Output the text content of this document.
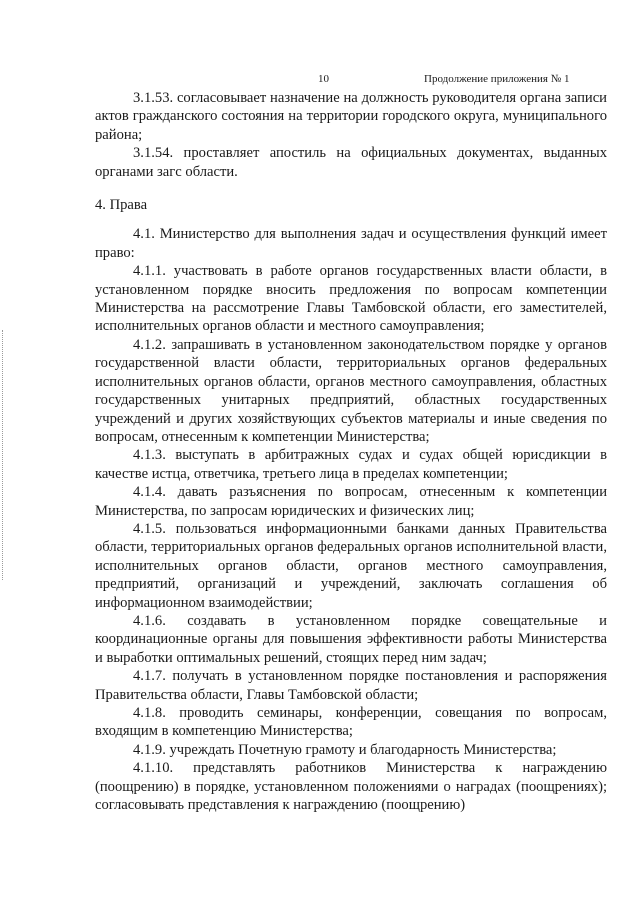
10	Продолжение приложения № 1

3.1.53. согласовывает назначение на должность руководителя органа записи актов гражданского состояния на территории городского округа, муниципального района;

3.1.54. проставляет апостиль на официальных документах, выданных органами загс области.

4. Права

4.1. Министерство для выполнения задач и осуществления функций имеет право:

4.1.1. участвовать в работе органов государственных власти области, в установленном порядке вносить предложения по вопросам компетенции Министерства на рассмотрение Главы Тамбовской области, его заместителей, исполнительных органов области и местного самоуправления;

4.1.2. запрашивать в установленном законодательством порядке у органов государственной власти области, территориальных органов федеральных исполнительных органов области, органов местного самоуправления, областных государственных унитарных предприятий, областных государственных учреждений и других хозяйствующих субъектов материалы и иные сведения по вопросам, отнесенным к компетенции Министерства;

4.1.3. выступать в арбитражных судах и судах общей юрисдикции в качестве истца, ответчика, третьего лица в пределах компетенции;

4.1.4. давать разъяснения по вопросам, отнесенным к компетенции Министерства, по запросам юридических и физических лиц;

4.1.5. пользоваться информационными банками данных Правительства области, территориальных органов федеральных органов исполнительной власти, исполнительных органов области, органов местного самоуправления, предприятий, организаций и учреждений, заключать соглашения об информационном взаимодействии;

4.1.6. создавать в установленном порядке совещательные и координационные органы для повышения эффективности работы Министерства и выработки оптимальных решений, стоящих перед ним задач;

4.1.7. получать в установленном порядке постановления и распоряжения Правительства области, Главы Тамбовской области;

4.1.8. проводить семинары, конференции, совещания по вопросам, входящим в компетенцию Министерства;

4.1.9. учреждать Почетную грамоту и благодарность Министерства;

4.1.10. представлять работников Министерства к награждению (поощрению) в порядке, установленном положениями о наградах (поощрениях); согласовывать представления к награждению (поощрению)
